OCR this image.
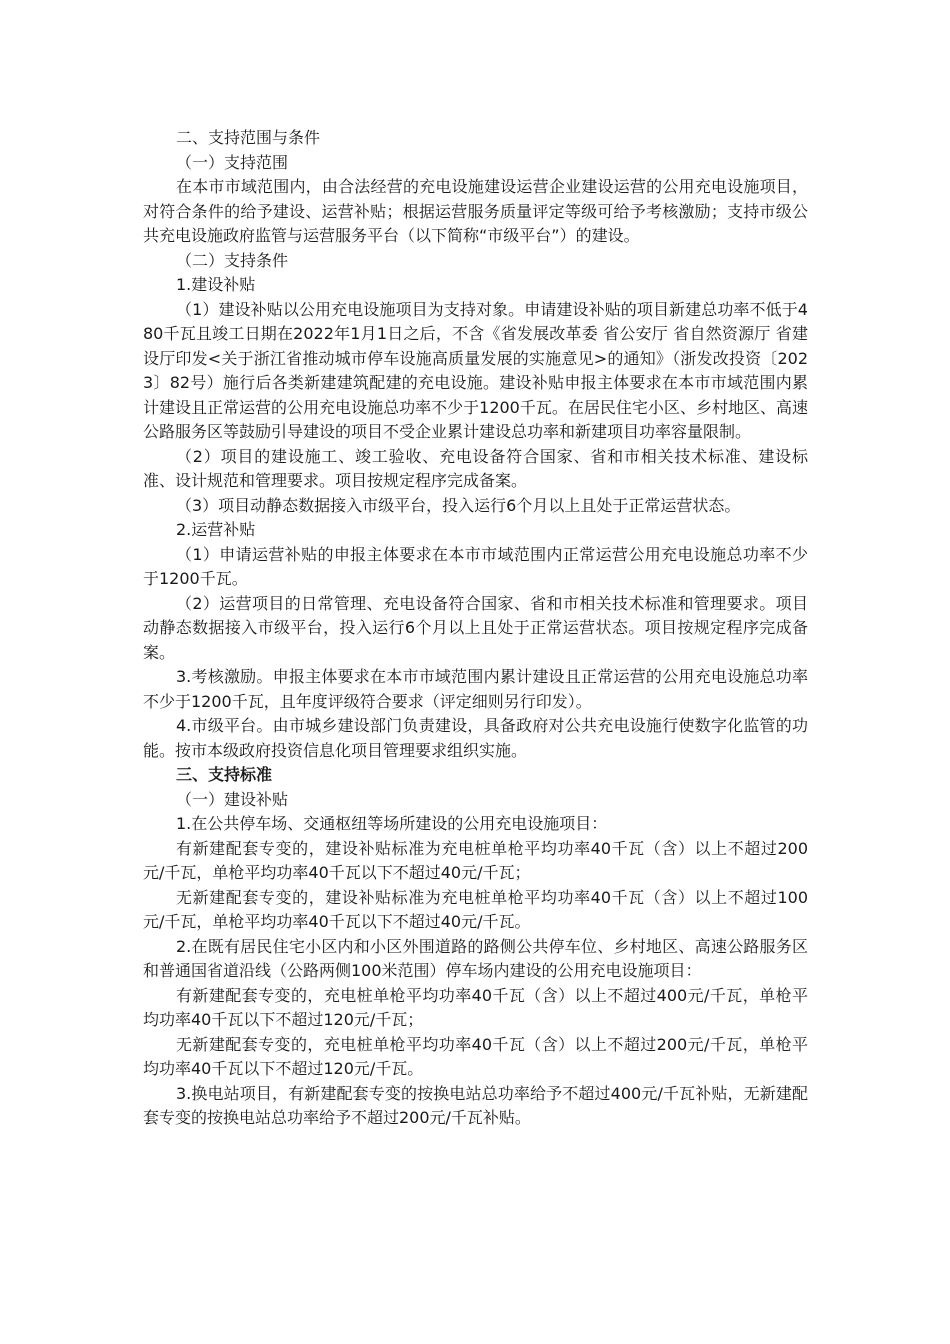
二、支持范围与条件

（一）支持范围

在本市市域范围内，由合法经营的充电设施建设运营企业建设运营的公用充电设施项目，对符合条件的给予建设、运营补贴；根据运营服务质量评定等级可给予考核激励；支持市级公共充电设施政府监管与运营服务平台（以下简称“市级平台”）的建设。

（二）支持条件

1.建设补贴

（1）建设补贴以公用充电设施项目为支持对象。申请建设补贴的项目新建总功率不低于480千瓦且竣工日期在2022年1月1日之后，不含《省发展改革委 省公安厅 省自然资源厅 省建设厅印发<关于浙江省推动城市停车设施高质量发展的实施意见>的通知》（浙发改投资〔2023〕82号）施行后各类新建建筑配建的充电设施。建设补贴申报主体要求在本市市域范围内累计建设且正常运营的公用充电设施总功率不少于1200千瓦。在居民住宅小区、乡村地区、高速公路服务区等鼓励引导建设的项目不受企业累计建设总功率和新建项目功率容量限制。

（2）项目的建设施工、竣工验收、充电设备符合国家、省和市相关技术标准、建设标准、设计规范和管理要求。项目按规定程序完成备案。

（3）项目动静态数据接入市级平台，投入运行6个月以上且处于正常运营状态。

2.运营补贴

（1）申请运营补贴的申报主体要求在本市市域范围内正常运营公用充电设施总功率不少于1200千瓦。

（2）运营项目的日常管理、充电设备符合国家、省和市相关技术标准和管理要求。项目动静态数据接入市级平台，投入运行6个月以上且处于正常运营状态。项目按规定程序完成备案。

3.考核激励。申报主体要求在本市市域范围内累计建设且正常运营的公用充电设施总功率不少于1200千瓦，且年度评级符合要求（评定细则另行印发）。

4.市级平台。由市城乡建设部门负责建设，具备政府对公共充电设施行使数字化监管的功能。按市本级政府投资信息化项目管理要求组织实施。

三、支持标准

（一）建设补贴

1.在公共停车场、交通枢纽等场所建设的公用充电设施项目：

有新建配套专变的，建设补贴标准为充电桩单枪平均功率40千瓦（含）以上不超过200元/千瓦，单枪平均功率40千瓦以下不超过40元/千瓦；

无新建配套专变的，建设补贴标准为充电桩单枪平均功率40千瓦（含）以上不超过100元/千瓦，单枪平均功率40千瓦以下不超过40元/千瓦。

2.在既有居民住宅小区内和小区外围道路的路侧公共停车位、乡村地区、高速公路服务区和普通国省道沿线（公路两侧100米范围）停车场内建设的公用充电设施项目：

有新建配套专变的，充电桩单枪平均功率40千瓦（含）以上不超过400元/千瓦，单枪平均功率40千瓦以下不超过120元/千瓦；

无新建配套专变的，充电桩单枪平均功率40千瓦（含）以上不超过200元/千瓦，单枪平均功率40千瓦以下不超过120元/千瓦。

3.换电站项目，有新建配套专变的按换电站总功率给予不超过400元/千瓦补贴，无新建配套专变的按换电站总功率给予不超过200元/千瓦补贴。
